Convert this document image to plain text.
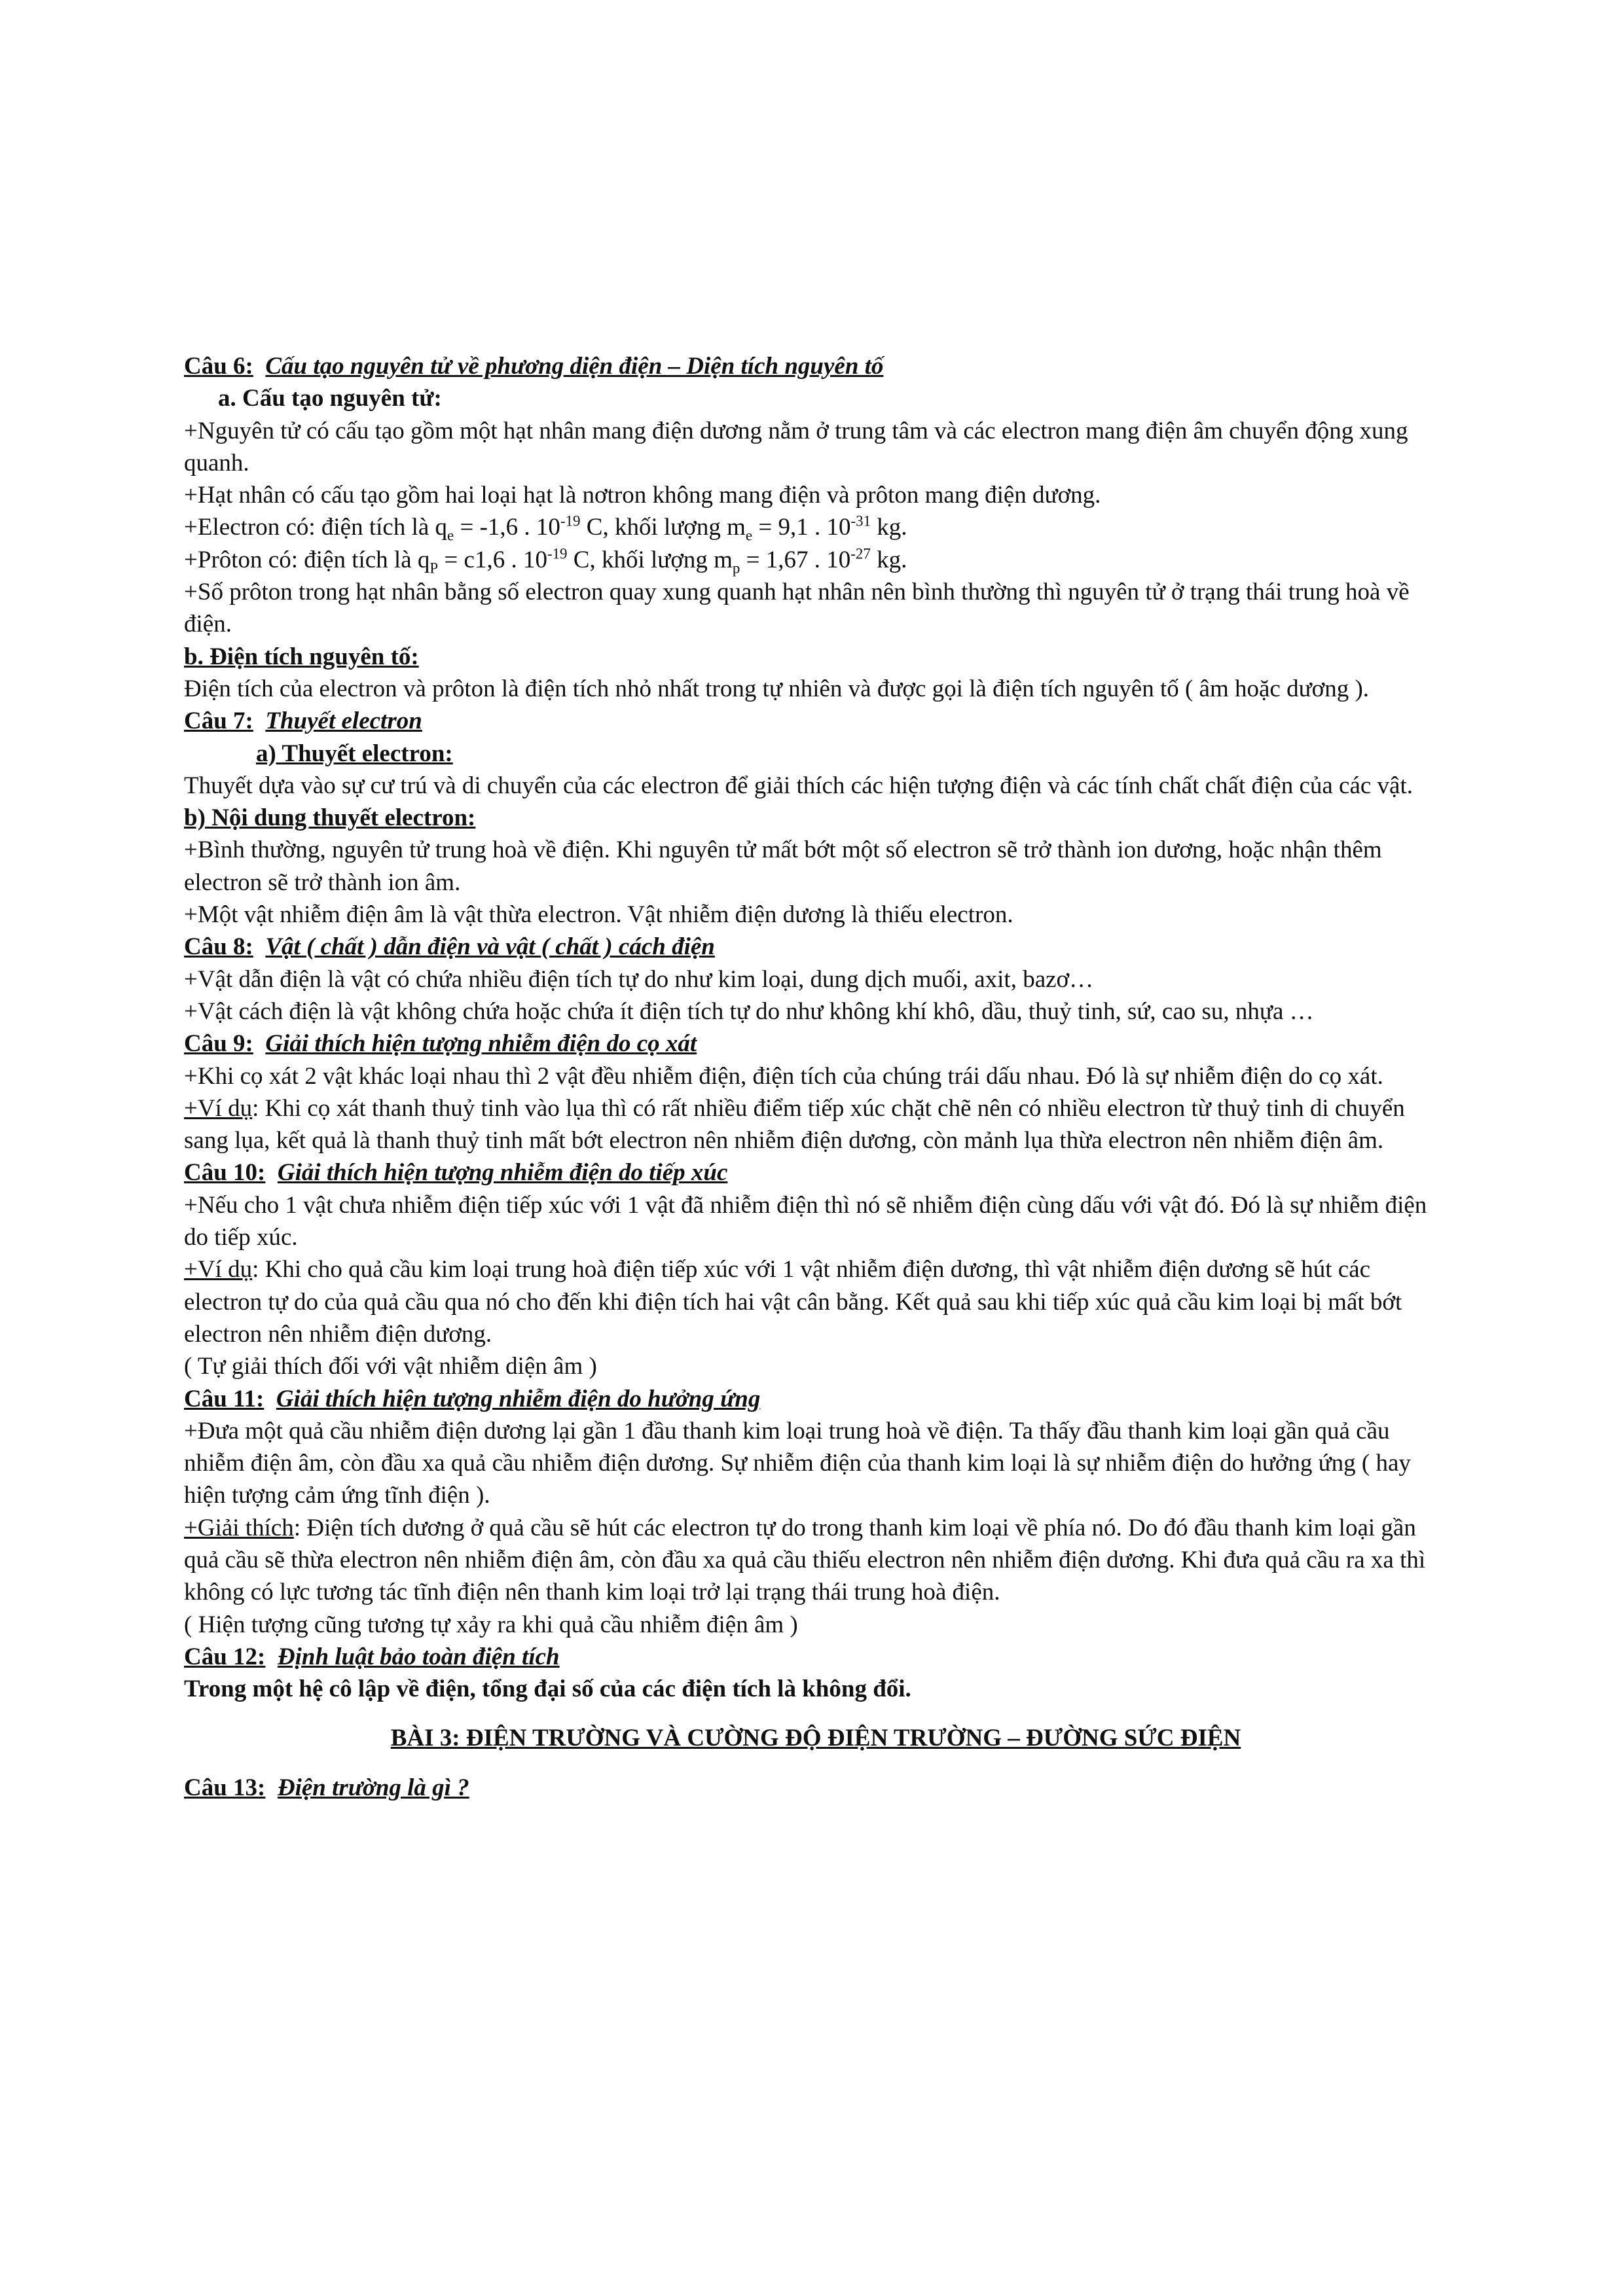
Câu 6: Cấu tạo nguyên tử về phương diện điện – Diện tích nguyên tố

a. Cấu tạo nguyên tử:

+Nguyên tử có cấu tạo gồm một hạt nhân mang điện dương nằm ở trung tâm và các electron mang điện âm chuyển động xung quanh.

+Hạt nhân có cấu tạo gồm hai loại hạt là nơtron không mang điện và prôton mang điện dương.

+Electron có: điện tích là $q_e = -1,6$ . $10^{-19}$ C, khối lượng $m_e = 9,1$ . $10^{-31}$ kg.

+Prôton có: điện tích là $q_P = c1,6$ . $10^{-19}$ C, khối lượng $m_p = 1,67$ . $10^{-27}$ kg.

+Số prôton trong hạt nhân bằng số electron quay xung quanh hạt nhân nên bình thường thì nguyên tử ở trạng thái trung hoà về điện.

b. Điện tích nguyên tố:

Điện tích của electron và prôton là điện tích nhỏ nhất trong tự nhiên và được gọi là điện tích nguyên tố ( âm hoặc dương ).

Câu 7: Thuyết electron

a) Thuyết electron:

Thuyết dựa vào sự cư trú và di chuyển của các electron để giải thích các hiện tượng điện và các tính chất chất điện của các vật.

b) Nội dung thuyết electron:

+Bình thường, nguyên tử trung hoà về điện. Khi nguyên tử mất bớt một số electron sẽ trở thành ion dương, hoặc nhận thêm electron sẽ trở thành ion âm.

+Một vật nhiễm điện âm là vật thừa electron. Vật nhiễm điện dương là thiếu electron.

Câu 8: Vật ( chất ) dẫn điện và vật ( chất ) cách điện

+Vật dẫn điện là vật có chứa nhiều điện tích tự do như kim loại, dung dịch muối, axit, bazơ…

+Vật cách điện là vật không chứa hoặc chứa ít điện tích tự do như không khí khô, dầu, thuỷ tinh, sứ, cao su, nhựa …

Câu 9: Giải thích hiện tượng nhiễm điện do cọ xát

+Khi cọ xát 2 vật khác loại nhau thì 2 vật đều nhiễm điện, điện tích của chúng trái dấu nhau. Đó là sự nhiễm điện do cọ xát.

+Ví dụ: Khi cọ xát thanh thuỷ tinh vào lụa thì có rất nhiều điểm tiếp xúc chặt chẽ nên có nhiều electron từ thuỷ tinh di chuyển sang lụa, kết quả là thanh thuỷ tinh mất bớt electron nên nhiễm điện dương, còn mảnh lụa thừa electron nên nhiễm điện âm.

Câu 10: Giải thích hiện tượng nhiễm điện do tiếp xúc

+Nếu cho 1 vật chưa nhiễm điện tiếp xúc với 1 vật đã nhiễm điện thì nó sẽ nhiễm điện cùng dấu với vật đó. Đó là sự nhiễm điện do tiếp xúc.

+Ví dụ: Khi cho quả cầu kim loại trung hoà điện tiếp xúc với 1 vật nhiễm điện dương, thì vật nhiễm điện dương sẽ hút các electron tự do của quả cầu qua nó cho đến khi điện tích hai vật cân bằng. Kết quả sau khi tiếp xúc quả cầu kim loại bị mất bớt electron nên nhiễm điện dương.

( Tự giải thích đối với vật nhiễm diện âm )

Câu 11: Giải thích hiện tượng nhiễm điện do hưởng ứng

+Đưa một quả cầu nhiễm điện dương lại gần 1 đầu thanh kim loại trung hoà về điện. Ta thấy đầu thanh kim loại gần quả cầu nhiễm điện âm, còn đầu xa quả cầu nhiễm điện dương. Sự nhiễm điện của thanh kim loại là sự nhiễm điện do hưởng ứng ( hay hiện tượng cảm ứng tĩnh điện ).

+Giải thích: Điện tích dương ở quả cầu sẽ hút các electron tự do trong thanh kim loại về phía nó. Do đó đầu thanh kim loại gần quả cầu sẽ thừa electron nên nhiễm điện âm, còn đầu xa quả cầu thiếu electron nên nhiễm điện dương. Khi đưa quả cầu ra xa thì không có lực tương tác tĩnh điện nên thanh kim loại trở lại trạng thái trung hoà điện.

( Hiện tượng cũng tương tự xảy ra khi quả cầu nhiễm điện âm )

Câu 12: Định luật bảo toàn điện tích

Trong một hệ cô lập về điện, tổng đại số của các điện tích là không đổi.

BÀI 3: ĐIỆN TRƯỜNG VÀ CƯỜNG ĐỘ ĐIỆN TRƯỜNG – ĐƯỜNG SỨC ĐIỆN

Câu 13: Điện trường là gì ?
